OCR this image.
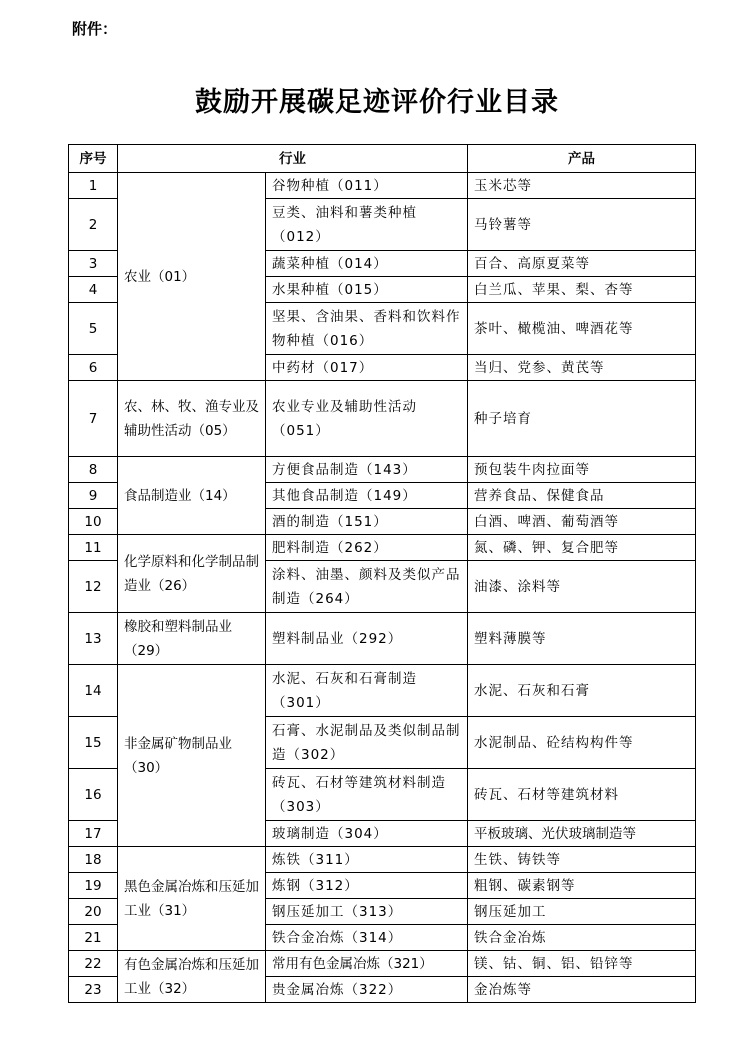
附件：
鼓励开展碳足迹评价行业目录
序号	行业		产品
1	农业（01）	谷物种植（011）	玉米芯等
2		豆类、油料和薯类种植（012）	马铃薯等
3		蔬菜种植（014）	百合、高原夏菜等
4		水果种植（015）	白兰瓜、苹果、梨、杏等
5		坚果、含油果、香料和饮料作物种植（016）	茶叶、橄榄油、啤酒花等
6		中药材（017）	当归、党参、黄芪等
7	农、林、牧、渔专业及辅助性活动（05）	农业专业及辅助性活动（051）	种子培育
8	食品制造业（14）	方便食品制造（143）	预包装牛肉拉面等
9		其他食品制造（149）	营养食品、保健食品
10		酒的制造（151）	白酒、啤酒、葡萄酒等
11	化学原料和化学制品制造业（26）	肥料制造（262）	氮、磷、钾、复合肥等
12		涂料、油墨、颜料及类似产品制造（264）	油漆、涂料等
13	橡胶和塑料制品业（29）	塑料制品业（292）	塑料薄膜等
14	非金属矿物制品业（30）	水泥、石灰和石膏制造（301）	水泥、石灰和石膏
15		石膏、水泥制品及类似制品制造（302）	水泥制品、砼结构构件等
16		砖瓦、石材等建筑材料制造（303）	砖瓦、石材等建筑材料
17		玻璃制造（304）	平板玻璃、光伏玻璃制造等
18	黑色金属冶炼和压延加工业（31）	炼铁（311）	生铁、铸铁等
19		炼钢（312）	粗钢、碳素钢等
20		钢压延加工（313）	钢压延加工
21		铁合金冶炼（314）	铁合金冶炼
22	有色金属冶炼和压延加工业（32）	常用有色金属冶炼（321）	镁、钴、铜、铝、铅锌等
23		贵金属冶炼（322）	金冶炼等
